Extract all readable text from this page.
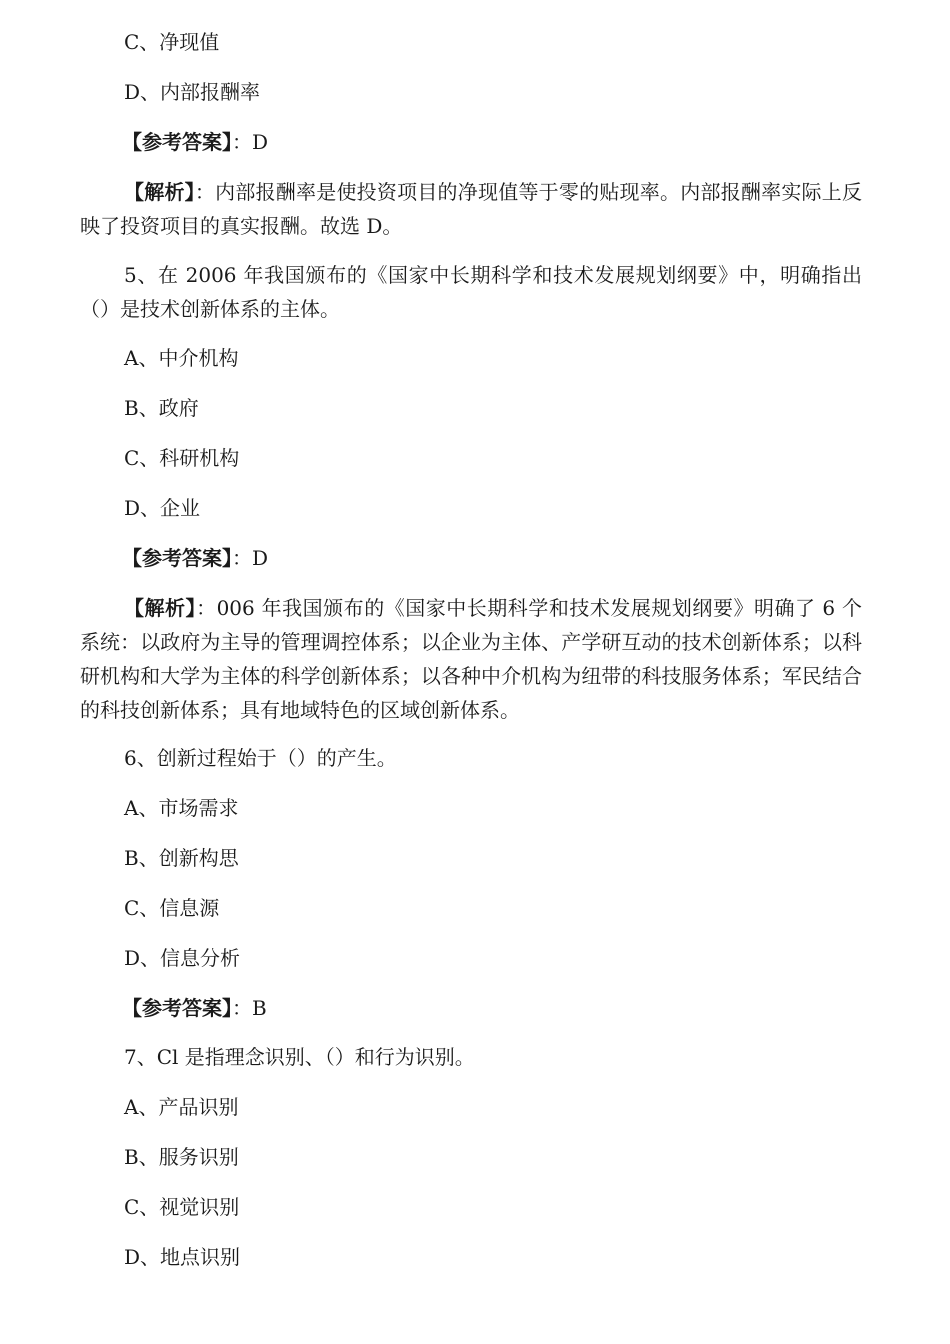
C、净现值
D、内部报酬率
【参考答案】：D
【解析】：内部报酬率是使投资项目的净现值等于零的贴现率。内部报酬率实际上反映了投资项目的真实报酬。故选 D。
5、在 2006 年我国颁布的《国家中长期科学和技术发展规划纲要》中，明确指出（）是技术创新体系的主体。
A、中介机构
B、政府
C、科研机构
D、企业
【参考答案】：D
【解析】：006 年我国颁布的《国家中长期科学和技术发展规划纲要》明确了 6 个系统：以政府为主导的管理调控体系；以企业为主体、产学研互动的技术创新体系；以科研机构和大学为主体的科学创新体系；以各种中介机构为纽带的科技服务体系；军民结合的科技创新体系；具有地域特色的区域创新体系。
6、创新过程始于（）的产生。
A、市场需求
B、创新构思
C、信息源
D、信息分析
【参考答案】：B
7、Cl 是指理念识别、（）和行为识别。
A、产品识别
B、服务识别
C、视觉识别
D、地点识别
